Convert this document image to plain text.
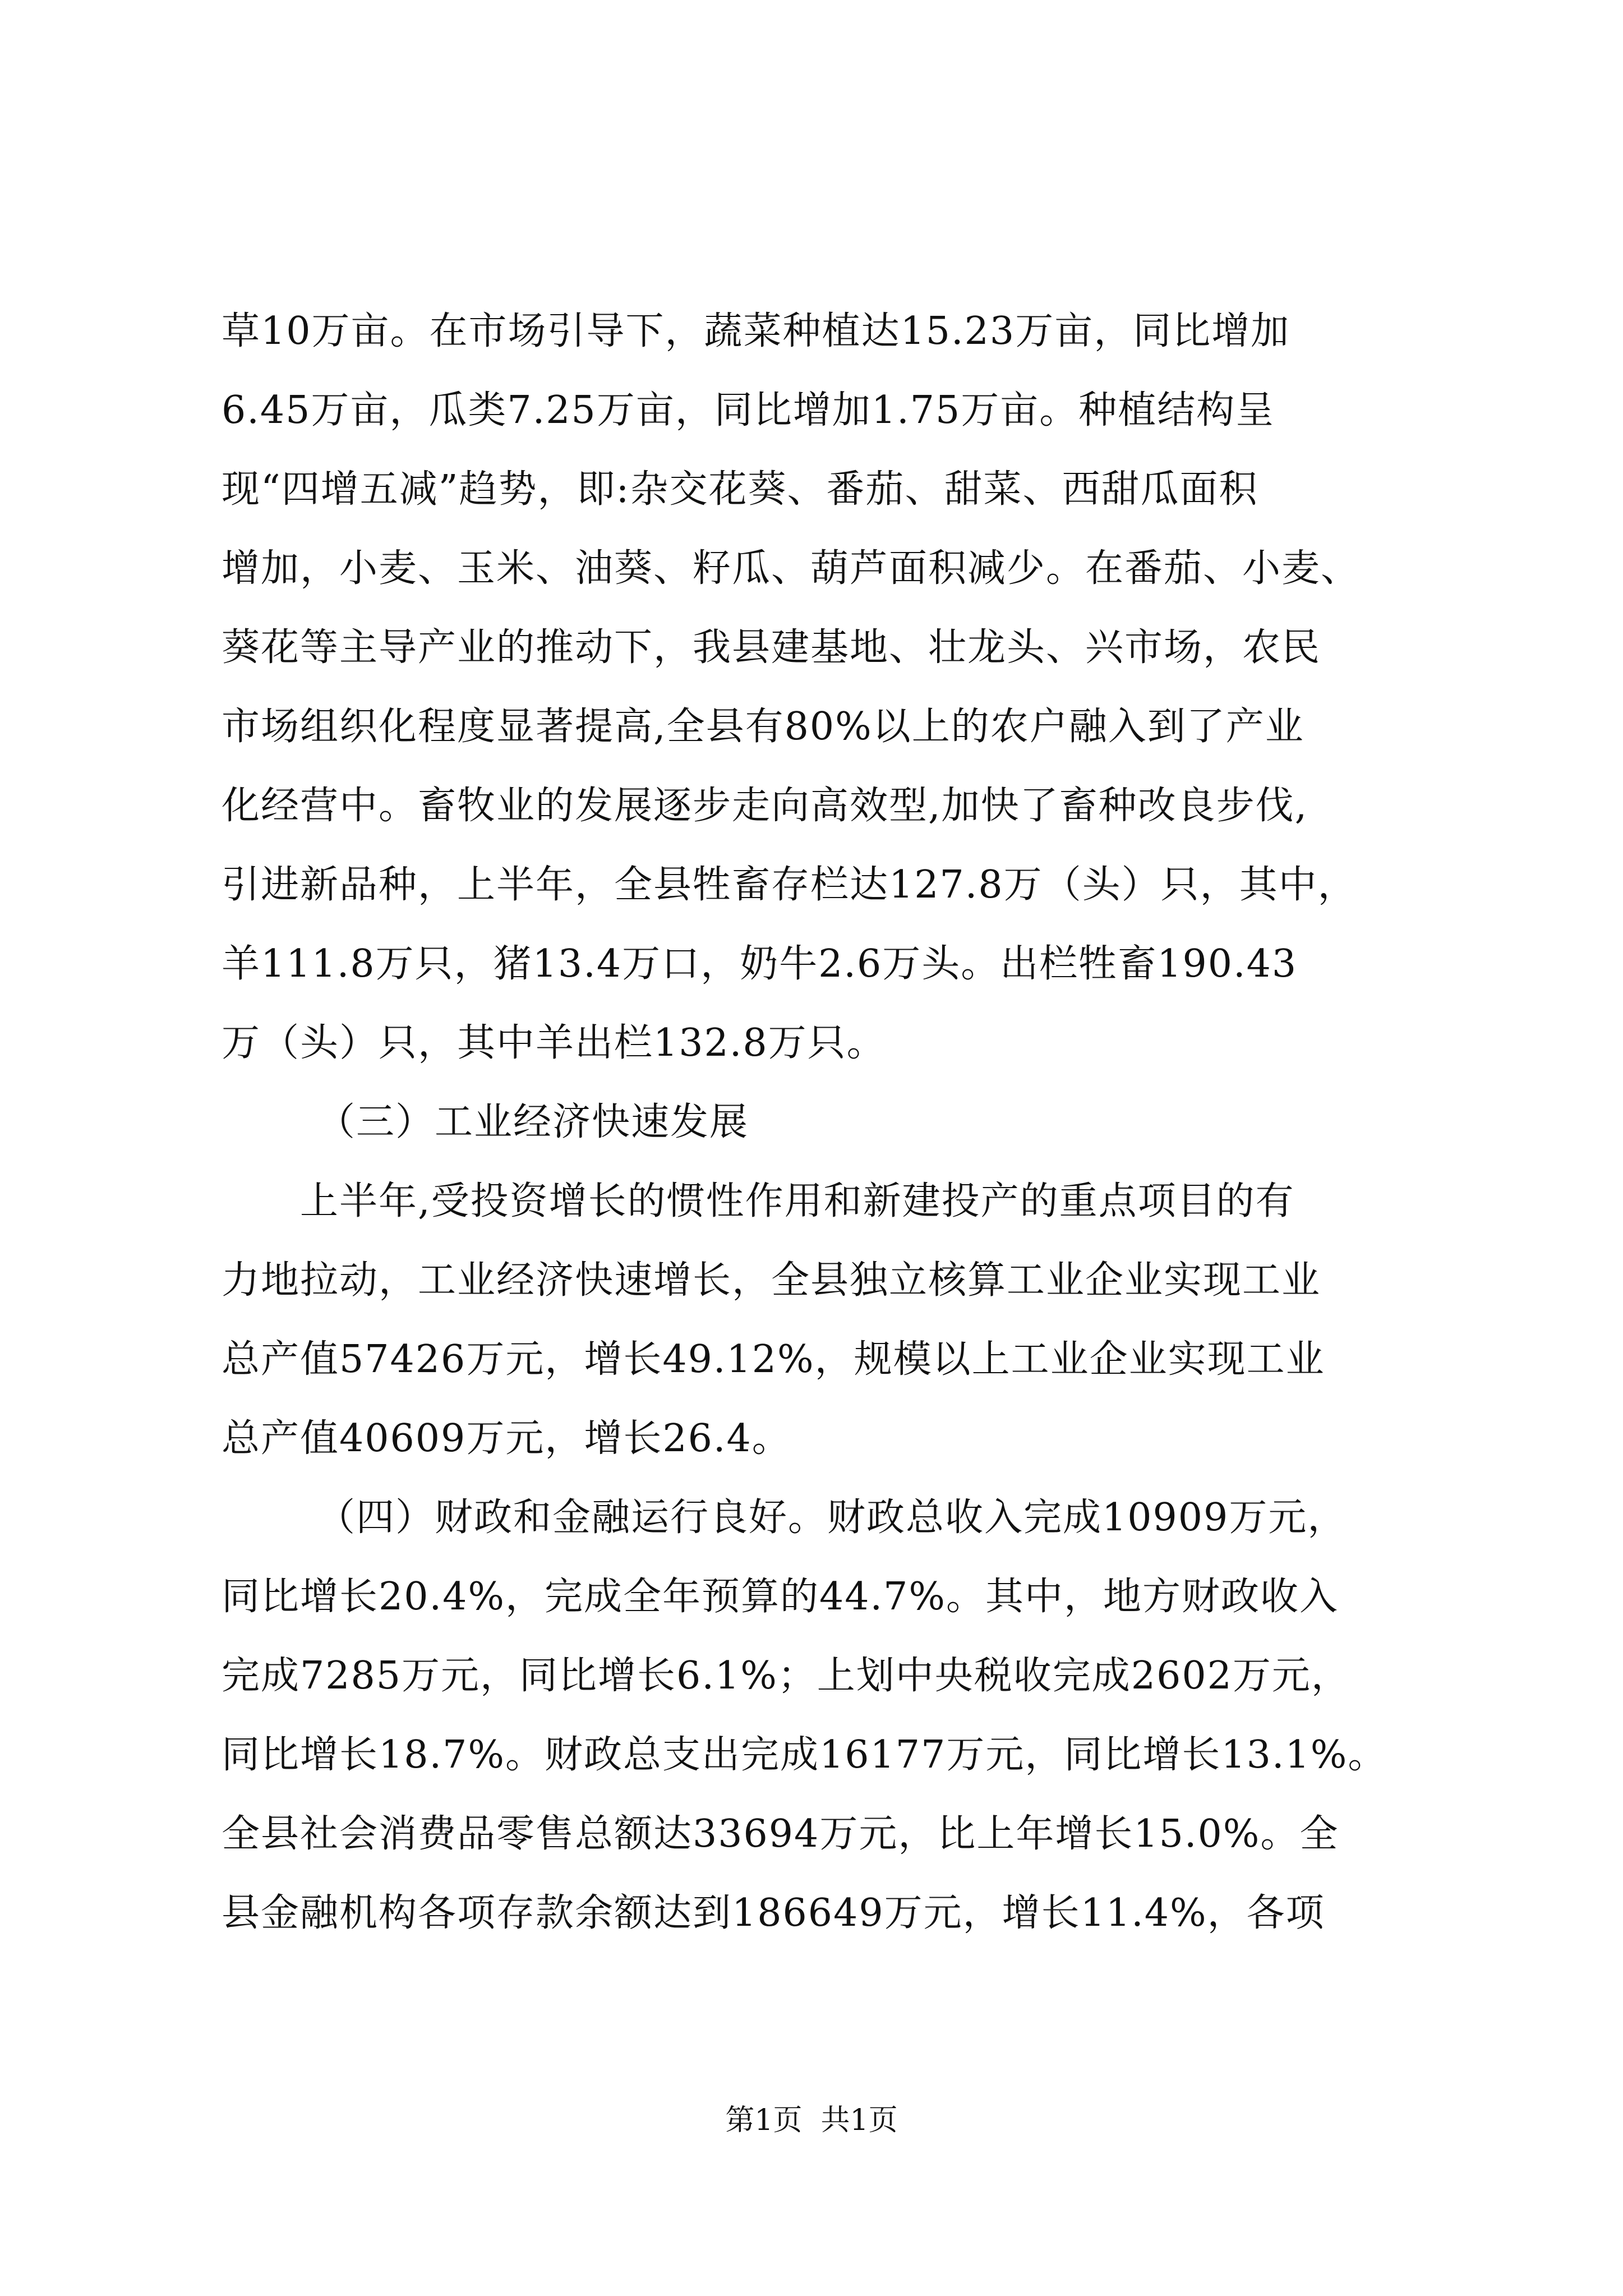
草10万亩。在市场引导下，蔬菜种植达15.23万亩，同比增加
6.45万亩，瓜类7.25万亩，同比增加1.75万亩。种植结构呈
现“四增五减”趋势，即:杂交花葵、番茄、甜菜、西甜瓜面积
增加，小麦、玉米、油葵、籽瓜、葫芦面积减少。在番茄、小麦、
葵花等主导产业的推动下，我县建基地、壮龙头、兴市场，农民
市场组织化程度显著提高,全县有80%以上的农户融入到了产业
化经营中。畜牧业的发展逐步走向高效型,加快了畜种改良步伐,
引进新品种，上半年，全县牲畜存栏达127.8万（头）只，其中，
羊111.8万只，猪13.4万口，奶牛2.6万头。出栏牲畜190.43
万（头）只，其中羊出栏132.8万只。
（三）工业经济快速发展
上半年,受投资增长的惯性作用和新建投产的重点项目的有
力地拉动，工业经济快速增长，全县独立核算工业企业实现工业
总产值57426万元，增长49.12%，规模以上工业企业实现工业
总产值40609万元，增长26.4。
（四）财政和金融运行良好。财政总收入完成10909万元，
同比增长20.4%，完成全年预算的44.7%。其中，地方财政收入
完成7285万元，同比增长6.1%；上划中央税收完成2602万元，
同比增长18.7%。财政总支出完成16177万元，同比增长13.1%。
全县社会消费品零售总额达33694万元，比上年增长15.0%。全
县金融机构各项存款余额达到186649万元，增长11.4%，各项
第1页  共1页
